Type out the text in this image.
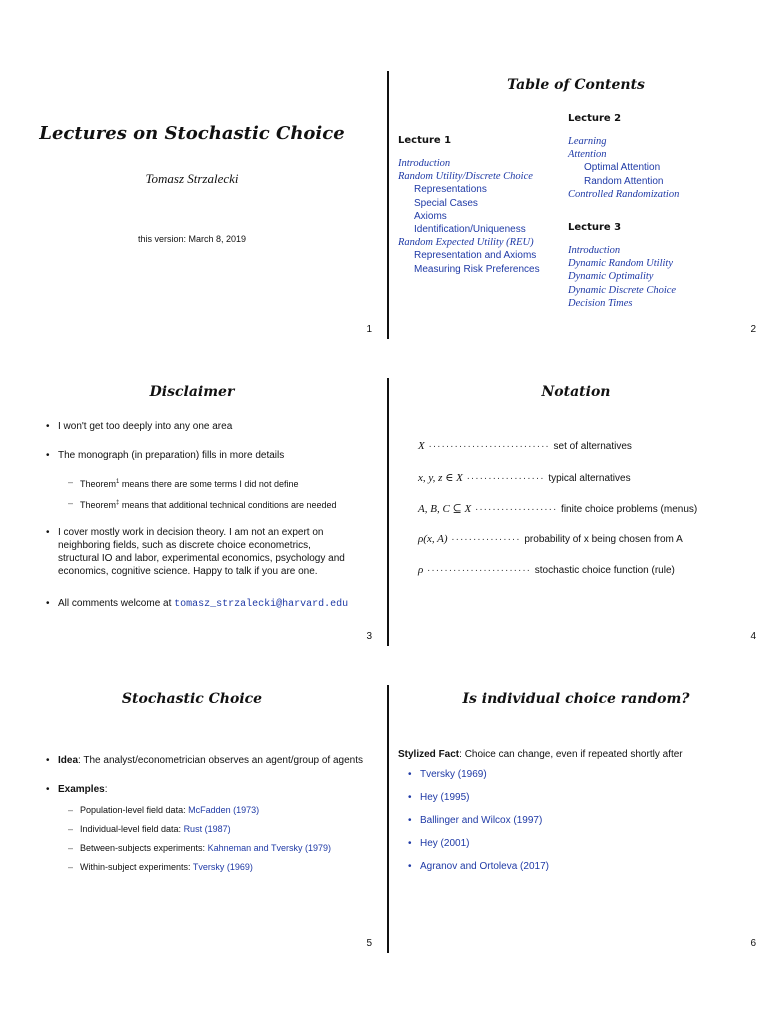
Lectures on Stochastic Choice
Tomasz Strzalecki
this version: March 8, 2019
1
Table of Contents
Lecture 1
Introduction
Random Utility/Discrete Choice
Representations
Special Cases
Axioms
Identification/Uniqueness
Random Expected Utility (REU)
Representation and Axioms
Measuring Risk Preferences
Lecture 2
Learning
Attention
Optimal Attention
Random Attention
Controlled Randomization
Lecture 3
Introduction
Dynamic Random Utility
Dynamic Optimality
Dynamic Discrete Choice
Decision Times
2
Disclaimer
• I won't get too deeply into any one area
• The monograph (in preparation) fills in more details
– Theorem$^1$ means there are some terms I did not define
– Theorem‡ means that additional technical conditions are needed
• I cover mostly work in decision theory. I am not an expert on neighboring fields, such as discrete choice econometrics, structural IO and labor, experimental economics, psychology and economics, cognitive science. Happy to talk if you are one.
• All comments welcome at tomasz_strzalecki@harvard.edu
3
Notation
X ···························· set of alternatives
x, y, z ∈ X ·················· typical alternatives
A, B, C ⊆ X ··················· finite choice problems (menus)
ρ(x, A) ················ probability of x being chosen from A
ρ ························ stochastic choice function (rule)
4
Stochastic Choice
• Idea: The analyst/econometrician observes an agent/group of agents
• Examples:
– Population-level field data: McFadden (1973)
– Individual-level field data: Rust (1987)
– Between-subjects experiments: Kahneman and Tversky (1979)
– Within-subject experiments: Tversky (1969)
5
Is individual choice random?
Stylized Fact: Choice can change, even if repeated shortly after
• Tversky (1969)
• Hey (1995)
• Ballinger and Wilcox (1997)
• Hey (2001)
• Agranov and Ortoleva (2017)
6
